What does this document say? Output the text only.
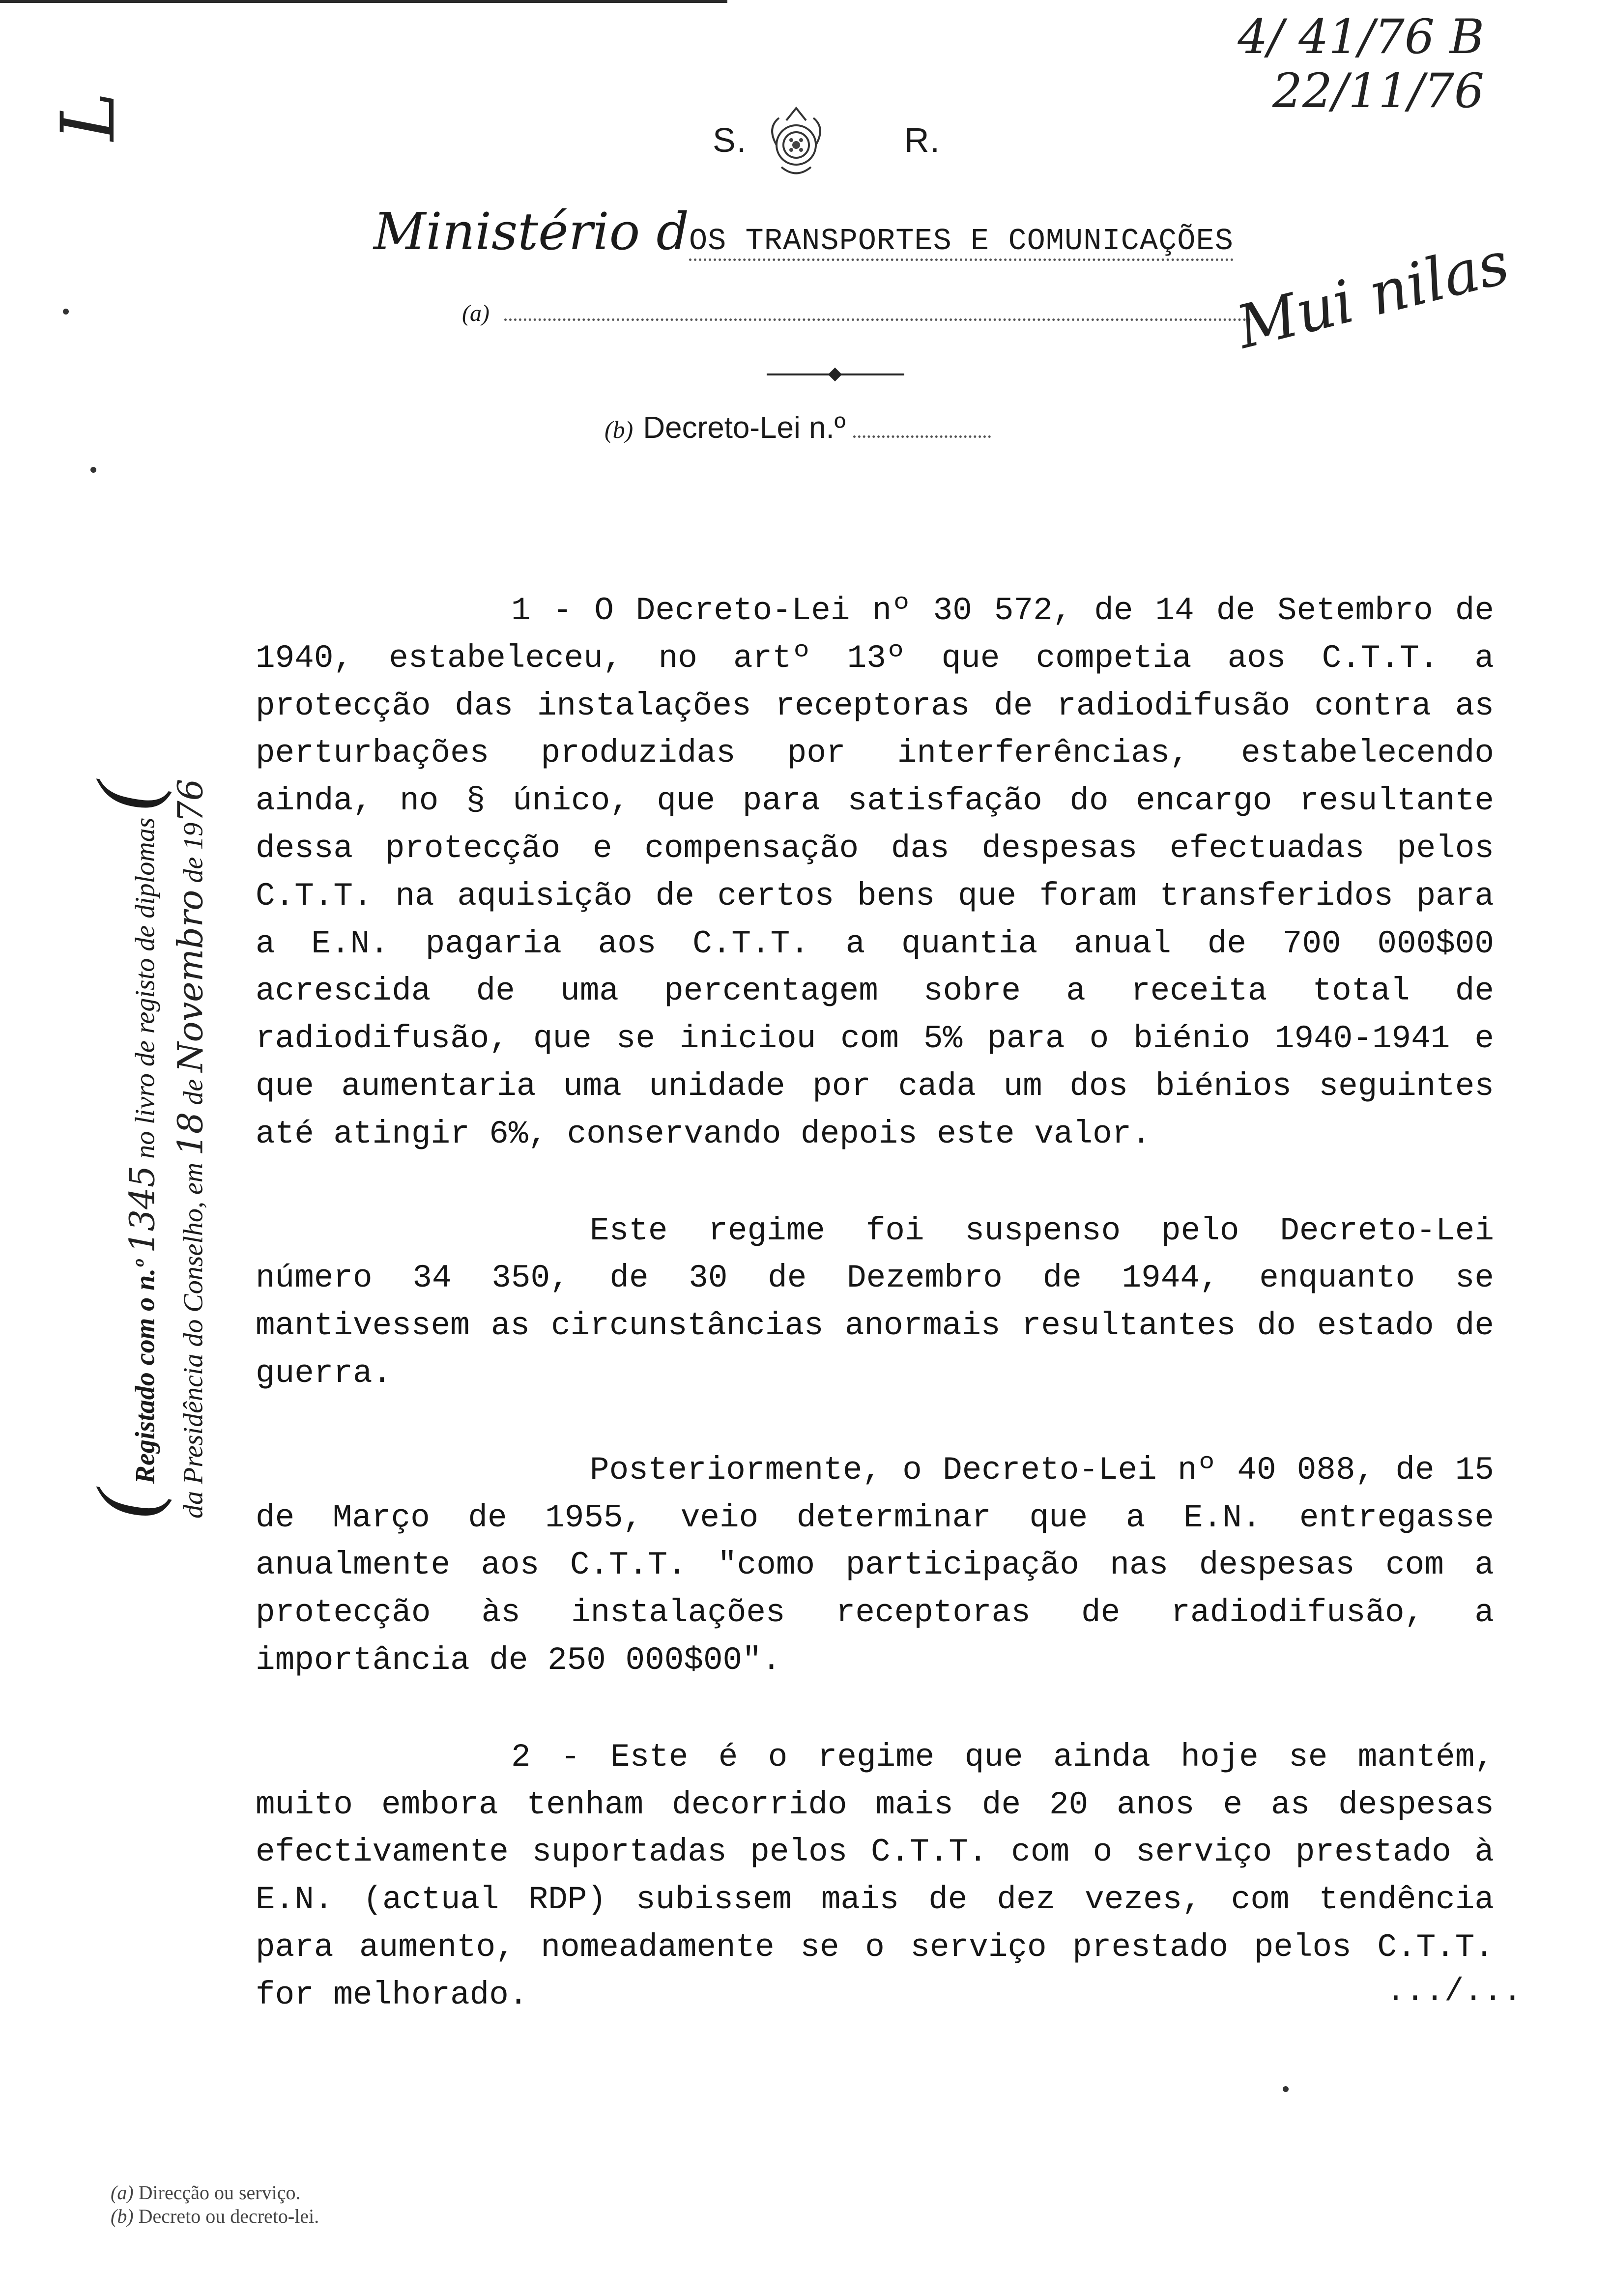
4/ 41/76 B
22/11/76
L	S.	R.
Ministério dOS TRANSPORTES E COMUNICAÇÕES
(a)
(b) Decreto-Lei n.º
Mui nilas
( Registado com o n.º 1345 no livro de registo de diplomas (
da Presidência do Conselho, em 18 de Novembro de 1976

1 - O Decreto-Lei nº 30 572, de 14 de Setembro de 1940, estabeleceu, no artº 13º que competia aos C.T.T. a protecção das instalações receptoras de radiodifusão contra as perturbações produzidas por interferências, estabelecendo ainda, no § único, que para satisfação do encargo resultante dessa protecção e compensação das despesas efectuadas pelos C.T.T. na aquisição de certos bens que foram transferidos para a E.N. pagaria aos C.T.T. a quantia anual de 700 000$00 acrescida de uma percentagem sobre a receita total de radiodifusão, que se iniciou com 5% para o biénio 1940-1941 e que aumentaria uma unidade por cada um dos biénios seguintes até atingir 6%, conservando depois este valor.

Este regime foi suspenso pelo Decreto-Lei número 34 350, de 30 de Dezembro de 1944, enquanto se mantivessem as circunstâncias anormais resultantes do estado de guerra.

Posteriormente, o Decreto-Lei nº 40 088, de 15 de Março de 1955, veio determinar que a E.N. entregasse anualmente aos C.T.T. "como participação nas despesas com a protecção às instalações receptoras de radiodifusão, a importância de 250 000$00".

2 - Este é o regime que ainda hoje se mantém, muito embora tenham decorrido mais de 20 anos e as despesas efectivamente suportadas pelos C.T.T. com o serviço prestado à E.N. (actual RDP) subissem mais de dez vezes, com tendência para aumento, nomeadamente se o serviço prestado pelos C.T.T. for melhorado.	.../...
(a) Direcção ou serviço.
(b) Decreto ou decreto-lei.
